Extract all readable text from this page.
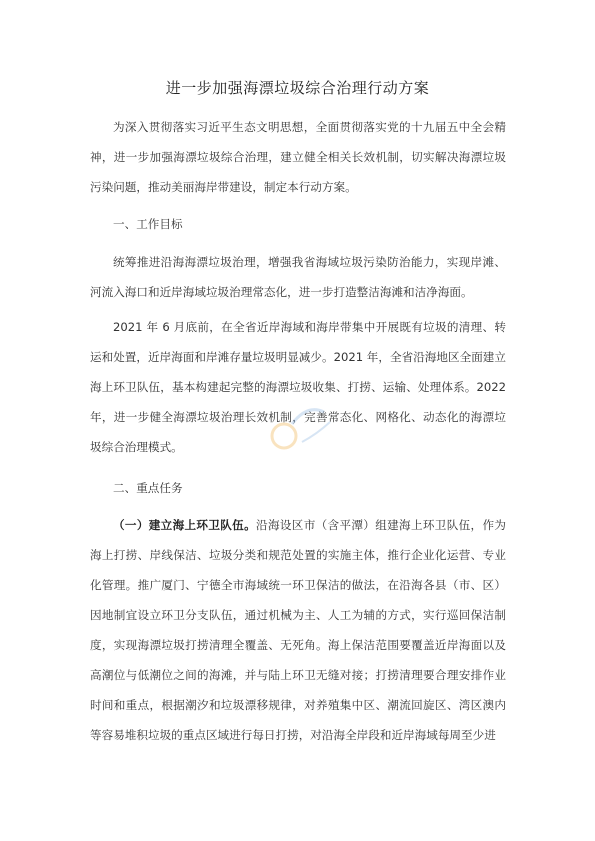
进一步加强海漂垃圾综合治理行动方案

为深入贯彻落实习近平生态文明思想，全面贯彻落实党的十九届五中全会精神，进一步加强海漂垃圾综合治理，建立健全相关长效机制，切实解决海漂垃圾污染问题，推动美丽海岸带建设，制定本行动方案。

一、工作目标

统筹推进沿海海漂垃圾治理，增强我省海域垃圾污染防治能力，实现岸滩、河流入海口和近岸海域垃圾治理常态化，进一步打造整洁海滩和洁净海面。

2021 年 6 月底前，在全省近岸海域和海岸带集中开展既有垃圾的清理、转运和处置，近岸海面和岸滩存量垃圾明显减少。2021 年，全省沿海地区全面建立海上环卫队伍，基本构建起完整的海漂垃圾收集、打捞、运输、处理体系。2022 年，进一步健全海漂垃圾治理长效机制，完善常态化、网格化、动态化的海漂垃圾综合治理模式。

二、重点任务

（一）建立海上环卫队伍。沿海设区市（含平潭）组建海上环卫队伍，作为海上打捞、岸线保洁、垃圾分类和规范处置的实施主体，推行企业化运营、专业化管理。推广厦门、宁德全市海域统一环卫保洁的做法，在沿海各县（市、区）因地制宜设立环卫分支队伍，通过机械为主、人工为辅的方式，实行巡回保洁制度，实现海漂垃圾打捞清理全覆盖、无死角。海上保洁范围要覆盖近岸海面以及高潮位与低潮位之间的海滩，并与陆上环卫无缝对接；打捞清理要合理安排作业时间和重点，根据潮汐和垃圾漂移规律，对养殖集中区、潮流回旋区、湾区澳内等容易堆积垃圾的重点区域进行每日打捞，对沿海全岸段和近岸海域每周至少进
